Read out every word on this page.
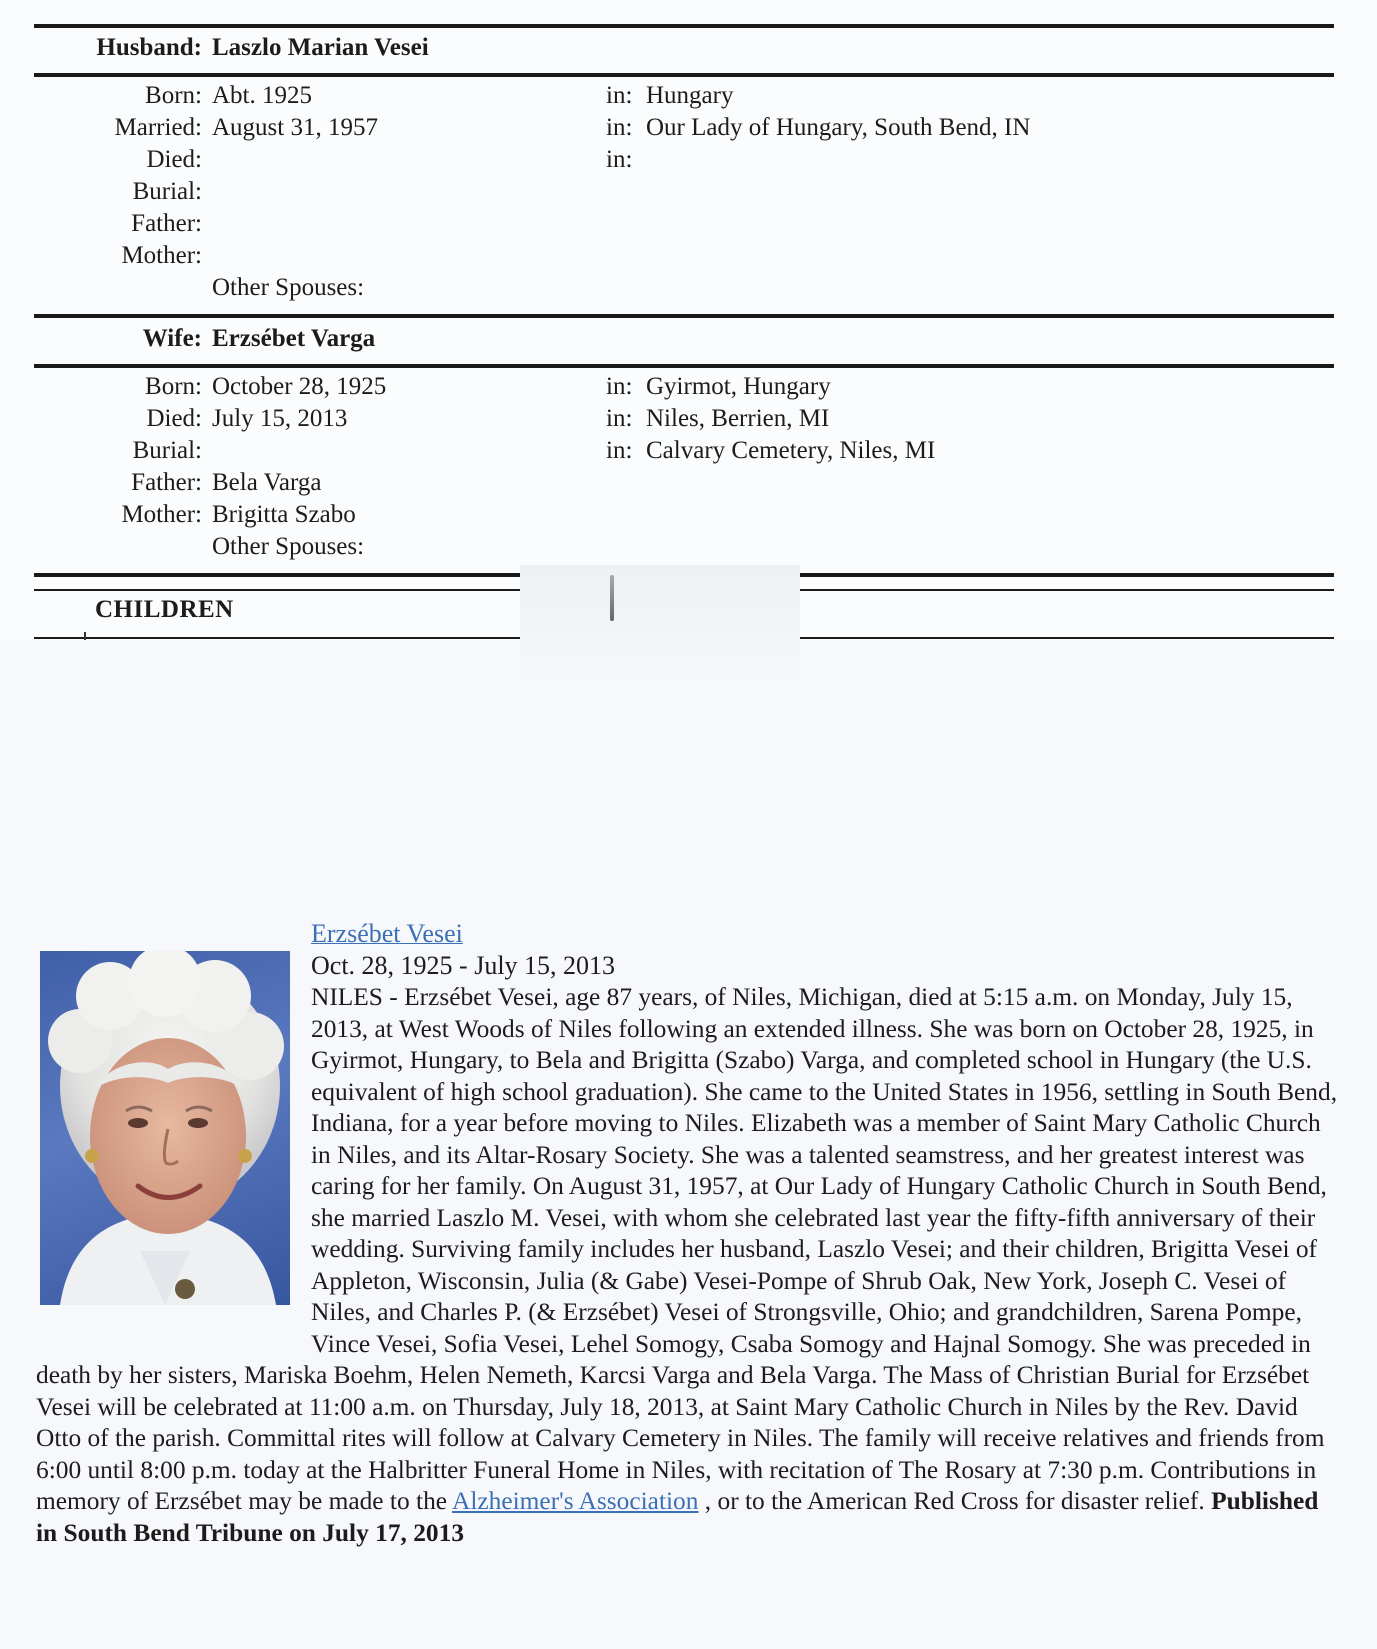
Husband: Laszlo Marian Vesei
Born: Abt. 1925	in: Hungary
Married: August 31, 1957	in: Our Lady of Hungary, South Bend, IN
Died:	in:
Burial:
Father:
Mother:
Other Spouses:
Wife: Erzsébet Varga
Born: October 28, 1925	in: Gyirmot, Hungary
Died: July 15, 2013	in: Niles, Berrien, MI
Burial:	in: Calvary Cemetery, Niles, MI
Father: Bela Varga
Mother: Brigitta Szabo
Other Spouses:
CHILDREN
Erzsébet Vesei
Oct. 28, 1925 - July 15, 2013
NILES - Erzsébet Vesei, age 87 years, of Niles, Michigan, died at 5:15 a.m. on Monday, July 15, 2013, at West Woods of Niles following an extended illness. She was born on October 28, 1925, in Gyirmot, Hungary, to Bela and Brigitta (Szabo) Varga, and completed school in Hungary (the U.S. equivalent of high school graduation). She came to the United States in 1956, settling in South Bend, Indiana, for a year before moving to Niles. Elizabeth was a member of Saint Mary Catholic Church in Niles, and its Altar-Rosary Society. She was a talented seamstress, and her greatest interest was caring for her family. On August 31, 1957, at Our Lady of Hungary Catholic Church in South Bend, she married Laszlo M. Vesei, with whom she celebrated last year the fifty-fifth anniversary of their wedding. Surviving family includes her husband, Laszlo Vesei; and their children, Brigitta Vesei of Appleton, Wisconsin, Julia (& Gabe) Vesei-Pompe of Shrub Oak, New York, Joseph C. Vesei of Niles, and Charles P. (& Erzsébet) Vesei of Strongsville, Ohio; and grandchildren, Sarena Pompe, Vince Vesei, Sofia Vesei, Lehel Somogy, Csaba Somogy and Hajnal Somogy. She was preceded in death by her sisters, Mariska Boehm, Helen Nemeth, Karcsi Varga and Bela Varga. The Mass of Christian Burial for Erzsébet Vesei will be celebrated at 11:00 a.m. on Thursday, July 18, 2013, at Saint Mary Catholic Church in Niles by the Rev. David Otto of the parish. Committal rites will follow at Calvary Cemetery in Niles. The family will receive relatives and friends from 6:00 until 8:00 p.m. today at the Halbritter Funeral Home in Niles, with recitation of The Rosary at 7:30 p.m. Contributions in memory of Erzsébet may be made to the Alzheimer's Association , or to the American Red Cross for disaster relief. Published in South Bend Tribune on July 17, 2013
